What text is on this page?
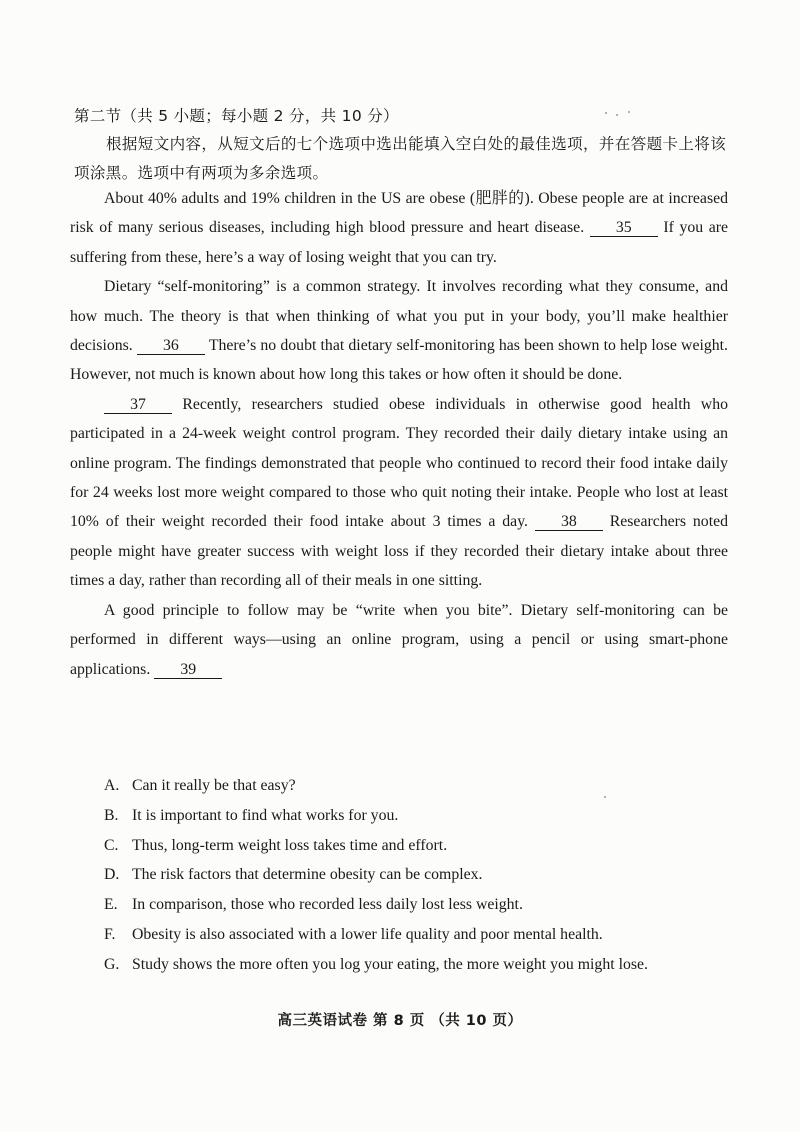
第二节（共 5 小题；每小题 2 分，共 10 分）
根据短文内容，从短文后的七个选项中选出能填入空白处的最佳选项，并在答题卡上将该项涂黑。选项中有两项为多余选项。

About 40% adults and 19% children in the US are obese (肥胖的). Obese people are at increased risk of many serious diseases, including high blood pressure and heart disease. 35 If you are suffering from these, here’s a way of losing weight that you can try.

Dietary “self-monitoring” is a common strategy. It involves recording what they consume, and how much. The theory is that when thinking of what you put in your body, you’ll make healthier decisions. 36 There’s no doubt that dietary self-monitoring has been shown to help lose weight. However, not much is known about how long this takes or how often it should be done.

37 Recently, researchers studied obese individuals in otherwise good health who participated in a 24-week weight control program. They recorded their daily dietary intake using an online program. The findings demonstrated that people who continued to record their food intake daily for 24 weeks lost more weight compared to those who quit noting their intake. People who lost at least 10% of their weight recorded their food intake about 3 times a day. 38 Researchers noted people might have greater success with weight loss if they recorded their dietary intake about three times a day, rather than recording all of their meals in one sitting.

A good principle to follow may be “write when you bite”. Dietary self-monitoring can be performed in different ways—using an online program, using a pencil or using smart-phone applications. 39

A. Can it really be that easy?
B. It is important to find what works for you.
C. Thus, long-term weight loss takes time and effort.
D. The risk factors that determine obesity can be complex.
E. In comparison, those who recorded less daily lost less weight.
F. Obesity is also associated with a lower life quality and poor mental health.
G. Study shows the more often you log your eating, the more weight you might lose.
高三英语试卷 第 8 页 （共 10 页）
